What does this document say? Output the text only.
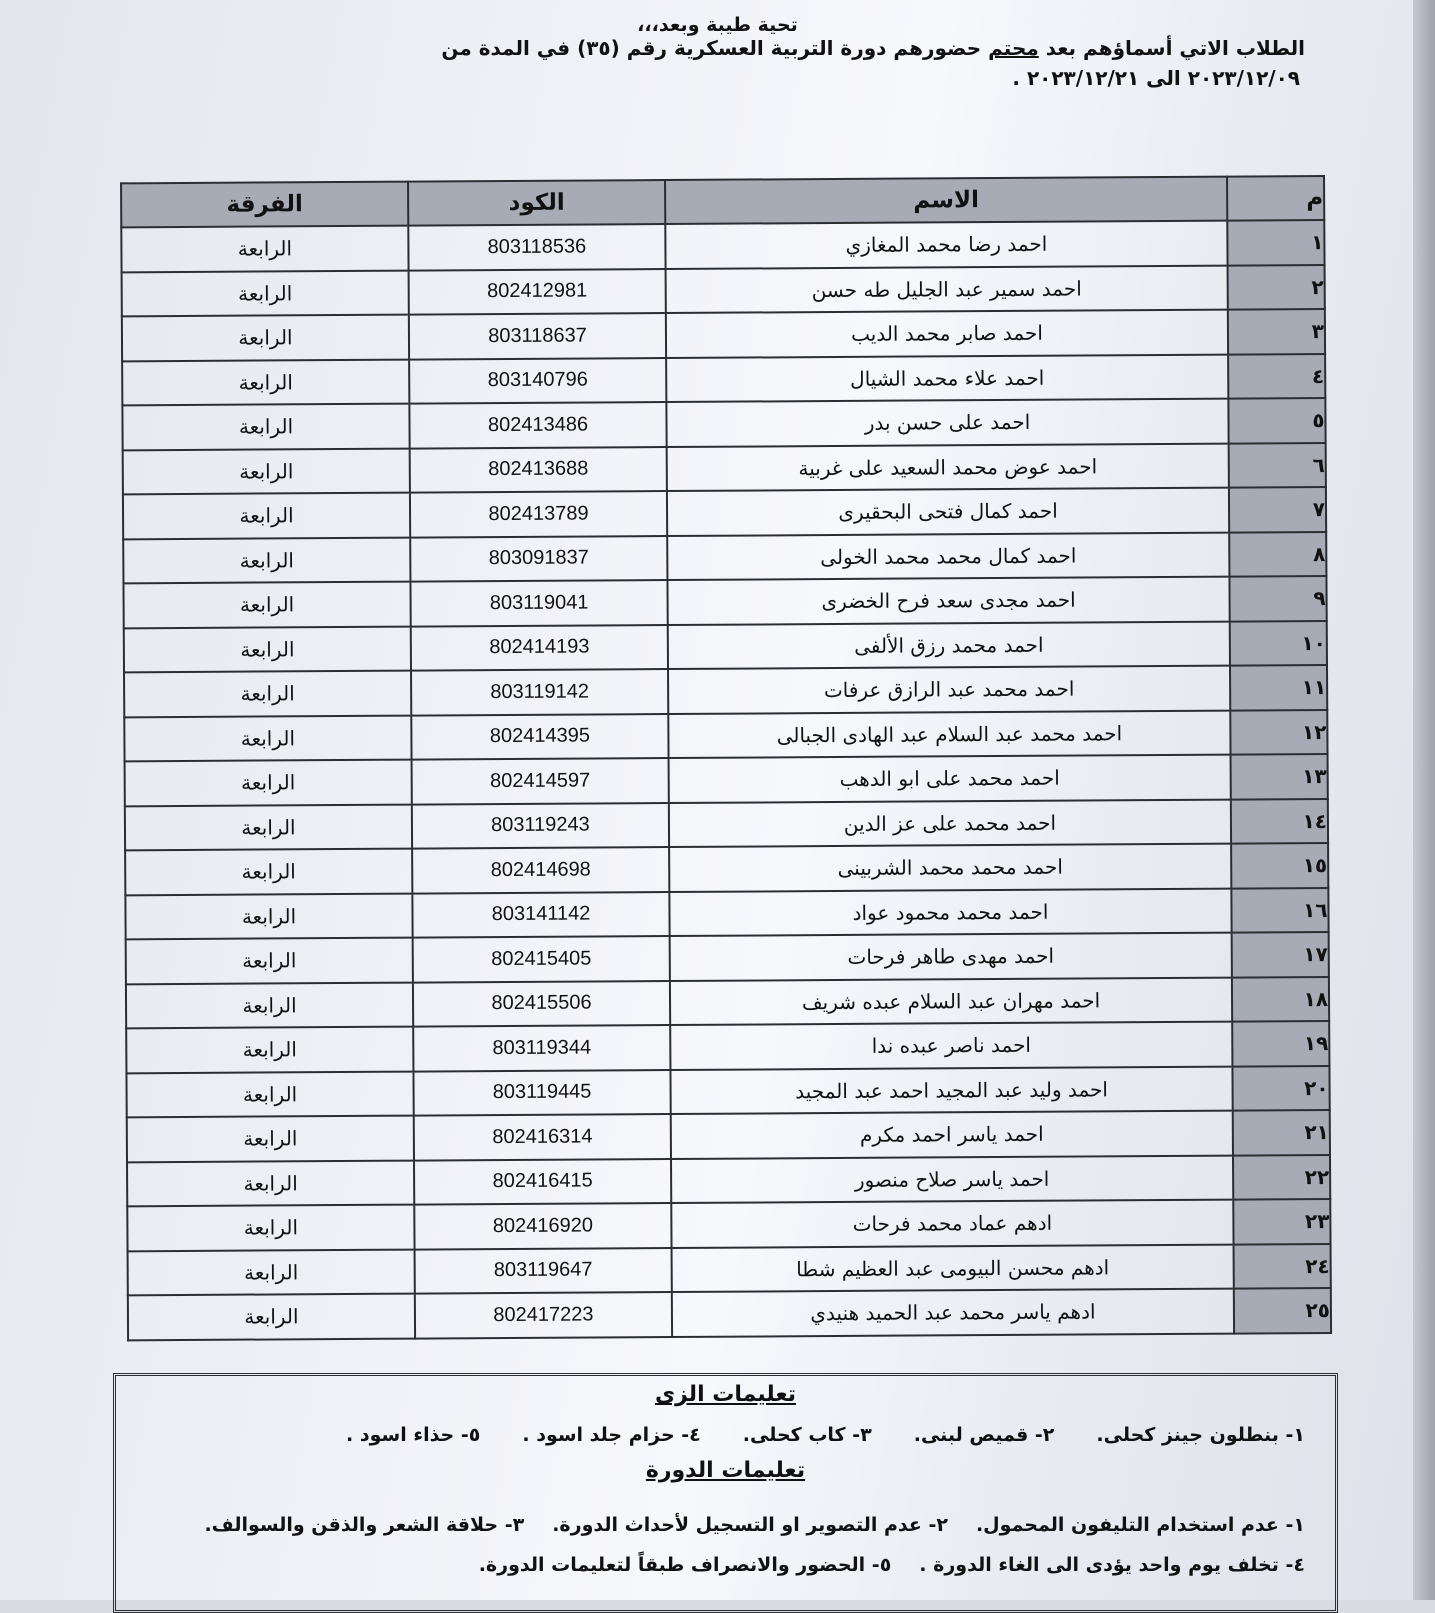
تحية طيبة وبعد،،،
الطلاب الاتي أسماؤهم بعد محتم حضورهم دورة التربية العسكرية رقم (٣٥) في المدة من
٢٠٢٣/١٢/٠٩ الى ٢٠٢٣/١٢/٢١ .
م	الاسم	الكود	الفرقة
١	احمد رضا محمد المغازي	803118536	الرابعة
٢	احمد سمير عبد الجليل طه حسن	802412981	الرابعة
٣	احمد صابر محمد الديب	803118637	الرابعة
٤	احمد علاء محمد الشيال	803140796	الرابعة
٥	احمد على حسن بدر	802413486	الرابعة
٦	احمد عوض محمد السعيد على غربية	802413688	الرابعة
٧	احمد كمال فتحى البحقيرى	802413789	الرابعة
٨	احمد كمال محمد محمد الخولى	803091837	الرابعة
٩	احمد مجدى سعد فرح الخضرى	803119041	الرابعة
١٠	احمد محمد رزق الألفى	802414193	الرابعة
١١	احمد محمد عبد الرازق عرفات	803119142	الرابعة
١٢	احمد محمد عبد السلام عبد الهادى الجبالى	802414395	الرابعة
١٣	احمد محمد على ابو الدهب	802414597	الرابعة
١٤	احمد محمد على عز الدين	803119243	الرابعة
١٥	احمد محمد محمد الشربينى	802414698	الرابعة
١٦	احمد محمد محمود عواد	803141142	الرابعة
١٧	احمد مهدى طاهر فرحات	802415405	الرابعة
١٨	احمد مهران عبد السلام عبده شريف	802415506	الرابعة
١٩	احمد ناصر عبده ندا	803119344	الرابعة
٢٠	احمد وليد عبد المجيد احمد عبد المجيد	803119445	الرابعة
٢١	احمد ياسر احمد مكرم	802416314	الرابعة
٢٢	احمد ياسر صلاح منصور	802416415	الرابعة
٢٣	ادهم عماد محمد فرحات	802416920	الرابعة
٢٤	ادهم محسن البيومى عبد العظيم شطا	803119647	الرابعة
٢٥	ادهم ياسر محمد عبد الحميد هنيدي	802417223	الرابعة
تعليمات الزى
١- بنطلون جينز كحلى.
٢- قميص لبنى.
٣- كاب كحلى.
٤- حزام جلد اسود .
٥- حذاء اسود .
تعليمات الدورة
١- عدم استخدام التليفون المحمول.
٢- عدم التصوير او التسجيل لأحداث الدورة.
٣- حلاقة الشعر والذقن والسوالف.
٤- تخلف يوم واحد يؤدى الى الغاء الدورة .
٥- الحضور والانصراف طبقاً لتعليمات الدورة.
